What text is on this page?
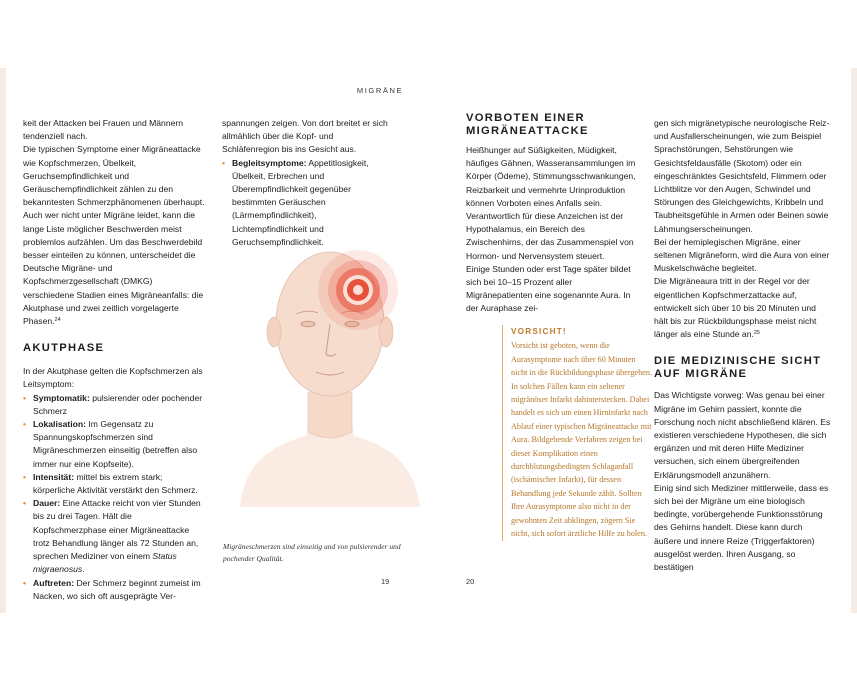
MIGRÄNE

keit der Attacken bei Frauen und Männern tendenziell nach.

Die typischen Symptome einer Migräneattacke wie Kopfschmerzen, Übelkeit, Geruchsempfindlichkeit und Geräuschempfindlichkeit zählen zu den bekanntesten Schmerzphänomenen überhaupt. Auch wer nicht unter Migräne leidet, kann die lange Liste möglicher Beschwerden meist problemlos aufzählen. Um das Beschwerdebild besser einteilen zu können, unterscheidet die Deutsche Migräne- und Kopfschmerzgesellschaft (DMKG) verschiedene Stadien eines Migräneanfalls: die Akutphase und zwei zeitlich vorgelagerte Phasen.$^{24}$

AKUTPHASE

In der Akutphase gelten die Kopfschmerzen als Leitsymptom:

• Symptomatik: pulsierender oder pochender Schmerz
• Lokalisation: Im Gegensatz zu Spannungskopfschmerzen sind Migräneschmerzen einseitig (betreffen also immer nur eine Kopfseite).
• Intensität: mittel bis extrem stark; körperliche Aktivität verstärkt den Schmerz.
• Dauer: Eine Attacke reicht von vier Stunden bis zu drei Tagen. Hält die Kopfschmerzphase einer Migräneattacke trotz Behandlung länger als 72 Stunden an, sprechen Mediziner von einem Status migraenosus.
• Auftreten: Der Schmerz beginnt zumeist im Nacken, wo sich oft ausgeprägte Ver-

spannungen zeigen. Von dort breitet er sich allmählich über die Kopf- und Schläfenregion bis ins Gesicht aus.

• Begleitsymptome: Appetitlosigkeit, Übelkeit, Erbrechen und Überempfindlichkeit gegenüber bestimmten Geräuschen (Lärmempfindlichkeit), Lichtempfindlichkeit und Geruchsempfindlichkeit.
Migräneschmerzen sind einseitig und von pulsierender und pochender Qualität.
19	20

VORBOTEN EINER MIGRÄNEATTACKE

Heißhunger auf Süßigkeiten, Müdigkeit, häufiges Gähnen, Wasseransammlungen im Körper (Ödeme), Stimmungsschwankungen, Reizbarkeit und vermehrte Urinproduktion können Vorboten eines Anfalls sein. Verantwortlich für diese Anzeichen ist der Hypothalamus, ein Bereich des Zwischenhirns, der das Zusammenspiel von Hormon- und Nervensystem steuert.

Einige Stunden oder erst Tage später bildet sich bei 10–15 Prozent aller Migränepatienten eine sogenannte Aura. In der Auraphase zei-

VORSICHT!
Vorsicht ist geboten, wenn die Aurasymptome nach über 60 Minuten nicht in die Rückbildungsphase übergehen. In solchen Fällen kann ein seltener migränöser Infarkt dahinterstecken. Dabei handelt es sich um einen Hirninfarkt nach Ablauf einer typischen Migräneattacke mit Aura. Bildgebende Verfahren zeigen bei dieser Komplikation einen durchblutungsbedingten Schlaganfall (ischämischer Infarkt), für dessen Behandlung jede Sekunde zählt. Sollten Ihre Aurasymptome also nicht in der gewohnten Zeit abklingen, zögern Sie nicht, sich sofort ärztliche Hilfe zu holen.

gen sich migränetypische neurologische Reiz- und Ausfallerscheinungen, wie zum Beispiel Sprachstörungen, Sehstörungen wie Gesichtsfeldausfälle (Skotom) oder ein eingeschränktes Gesichtsfeld, Flimmern oder Lichtblitze vor den Augen, Schwindel und Störungen des Gleichgewichts, Kribbeln und Taubheitsgefühle in Armen oder Beinen sowie Lähmungserscheinungen.

Bei der hemiplegischen Migräne, einer seltenen Migräneform, wird die Aura von einer Muskelschwäche begleitet.

Die Migräneaura tritt in der Regel vor der eigentlichen Kopfschmerzattacke auf, entwickelt sich über 10 bis 20 Minuten und hält bis zur Rückbildungsphase meist nicht länger als eine Stunde an.$^{25}$

DIE MEDIZINISCHE SICHT AUF MIGRÄNE

Das Wichtigste vorweg: Was genau bei einer Migräne im Gehirn passiert, konnte die Forschung noch nicht abschließend klären. Es existieren verschiedene Hypothesen, die sich ergänzen und mit deren Hilfe Mediziner versuchen, sich einem übergreifenden Erklärungsmodell anzunähern.

Einig sind sich Mediziner mittlerweile, dass es sich bei der Migräne um eine biologisch bedingte, vorübergehende Funktionsstörung des Gehirns handelt. Diese kann durch äußere und innere Reize (Triggerfaktoren) ausgelöst werden. Ihren Ausgang, so bestätigen
